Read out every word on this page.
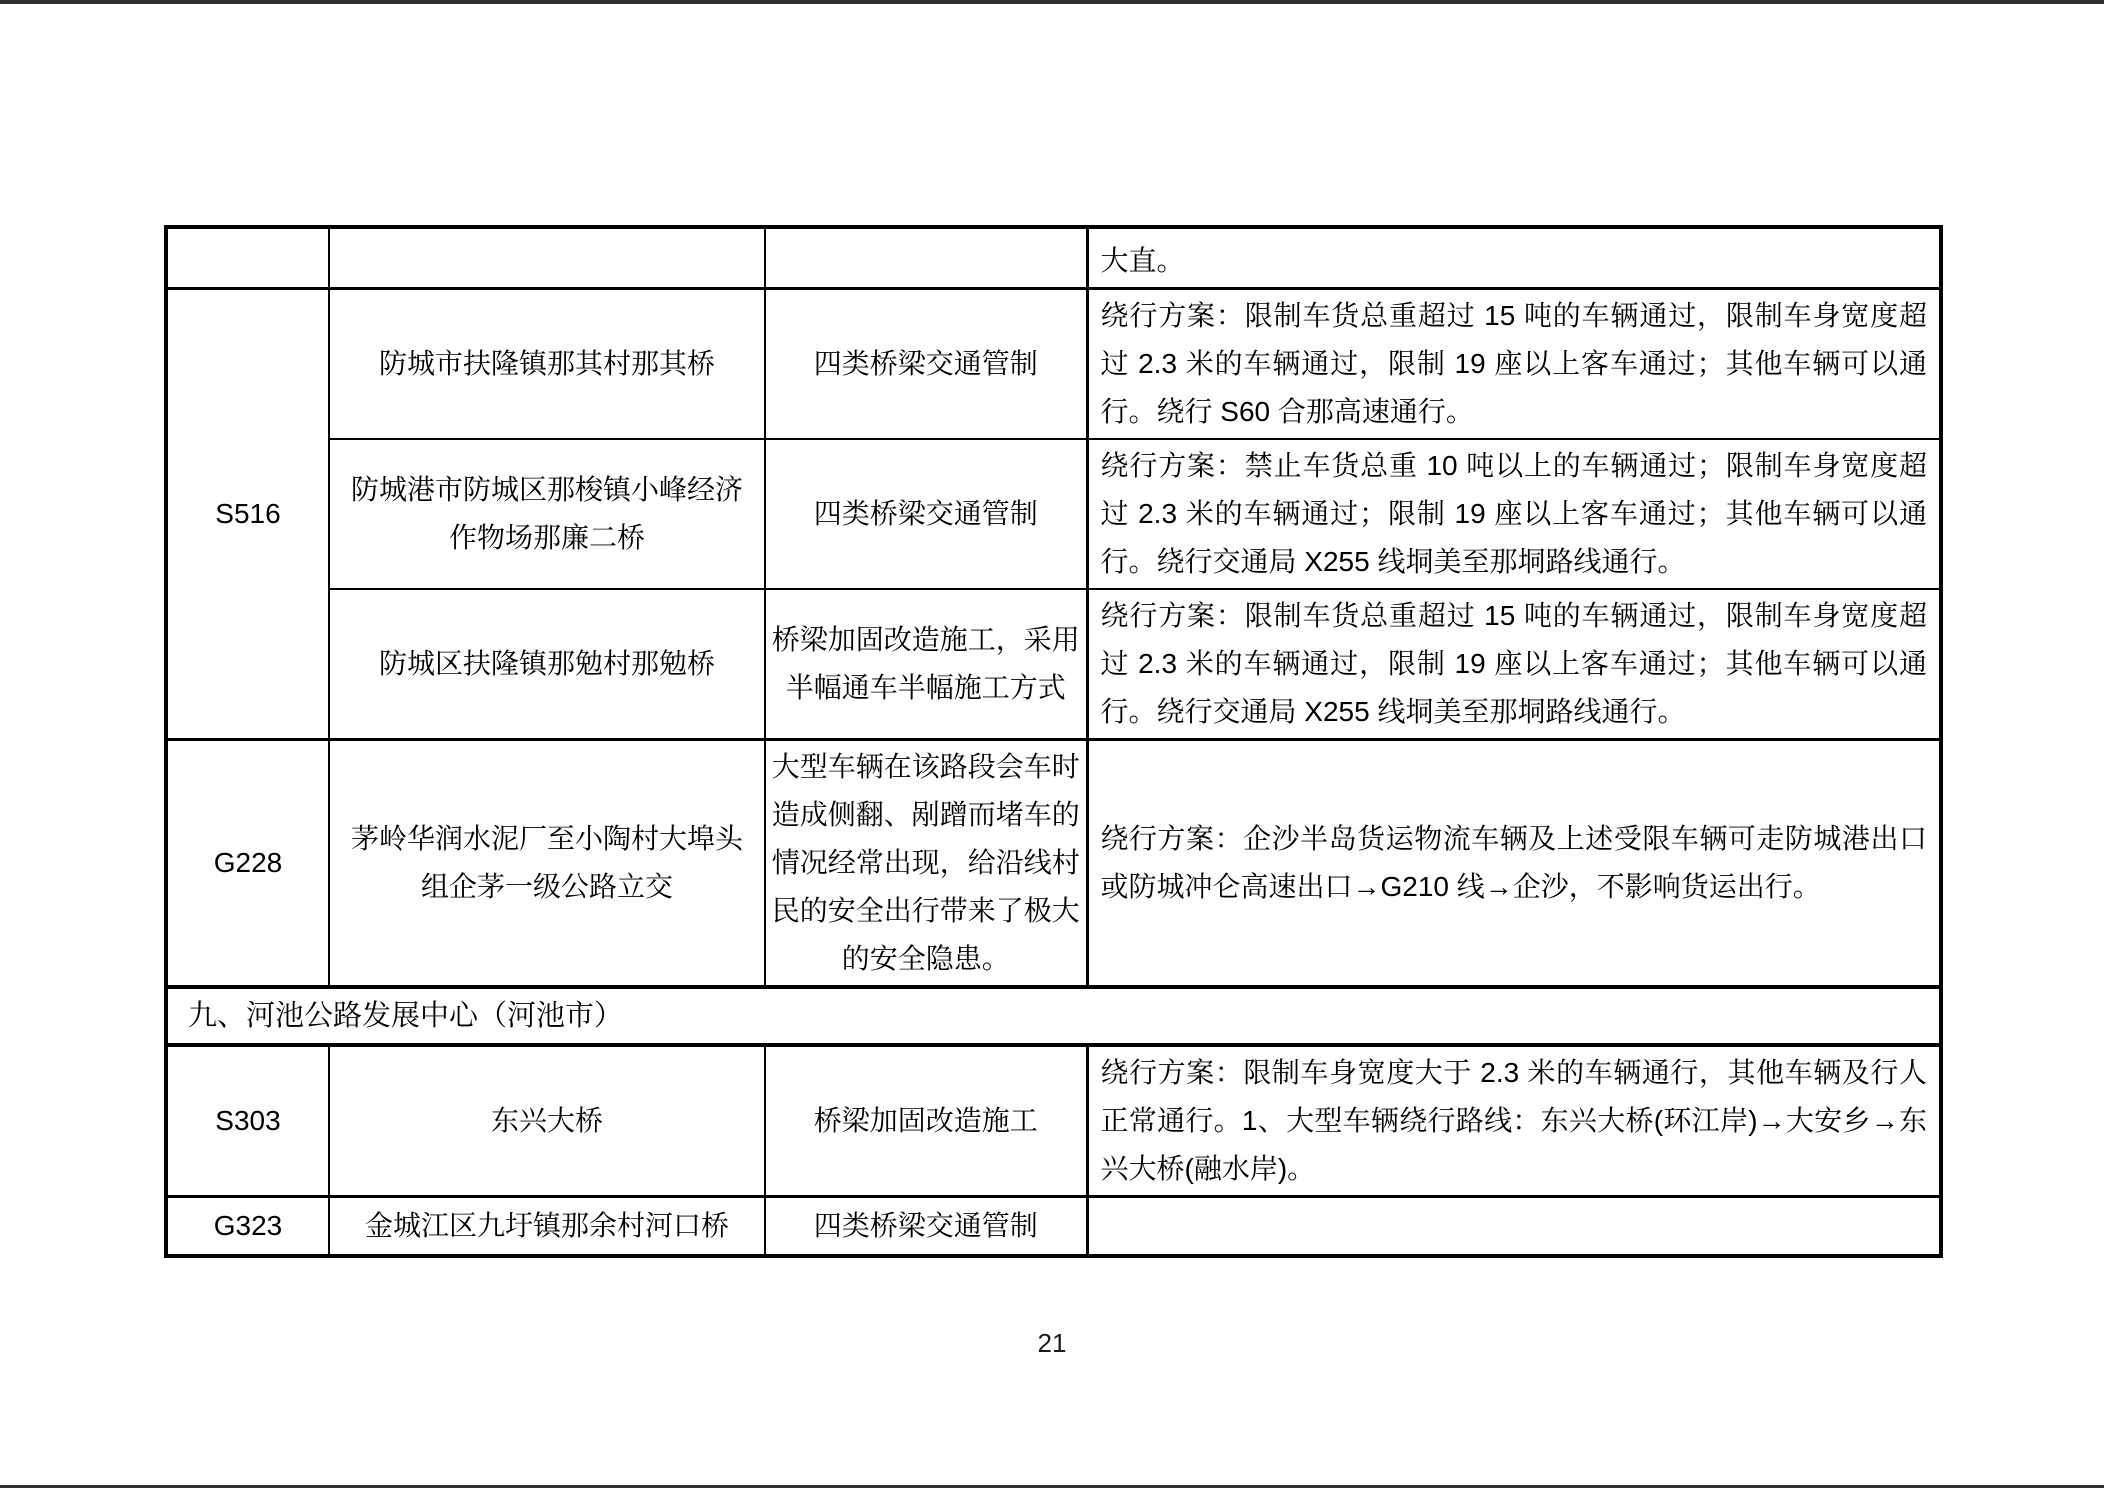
			大直。
S516	防城市扶隆镇那其村那其桥	四类桥梁交通管制	绕行方案：限制车货总重超过 15 吨的车辆通过，限制车身宽度超过 2.3 米的车辆通过，限制 19 座以上客车通过；其他车辆可以通行。绕行 S60 合那高速通行。
	防城港市防城区那梭镇小峰经济作物场那廉二桥	四类桥梁交通管制	绕行方案：禁止车货总重 10 吨以上的车辆通过；限制车身宽度超过 2.3 米的车辆通过；限制 19 座以上客车通过；其他车辆可以通行。绕行交通局 X255 线垌美至那垌路线通行。
	防城区扶隆镇那勉村那勉桥	桥梁加固改造施工，采用半幅通车半幅施工方式	绕行方案：限制车货总重超过 15 吨的车辆通过，限制车身宽度超过 2.3 米的车辆通过，限制 19 座以上客车通过；其他车辆可以通行。绕行交通局 X255 线垌美至那垌路线通行。
G228	茅岭华润水泥厂至小陶村大埠头组企茅一级公路立交	大型车辆在该路段会车时造成侧翻、剐蹭而堵车的情况经常出现，给沿线村民的安全出行带来了极大的安全隐患。	绕行方案：企沙半岛货运物流车辆及上述受限车辆可走防城港出口或防城冲仑高速出口→G210 线→企沙，不影响货运出行。
九、河池公路发展中心（河池市）			
S303	东兴大桥	桥梁加固改造施工	绕行方案：限制车身宽度大于 2.3 米的车辆通行，其他车辆及行人正常通行。1、大型车辆绕行路线：东兴大桥(环江岸)→大安乡→东兴大桥(融水岸)。
G323	金城江区九圩镇那余村河口桥	四类桥梁交通管制	
21
